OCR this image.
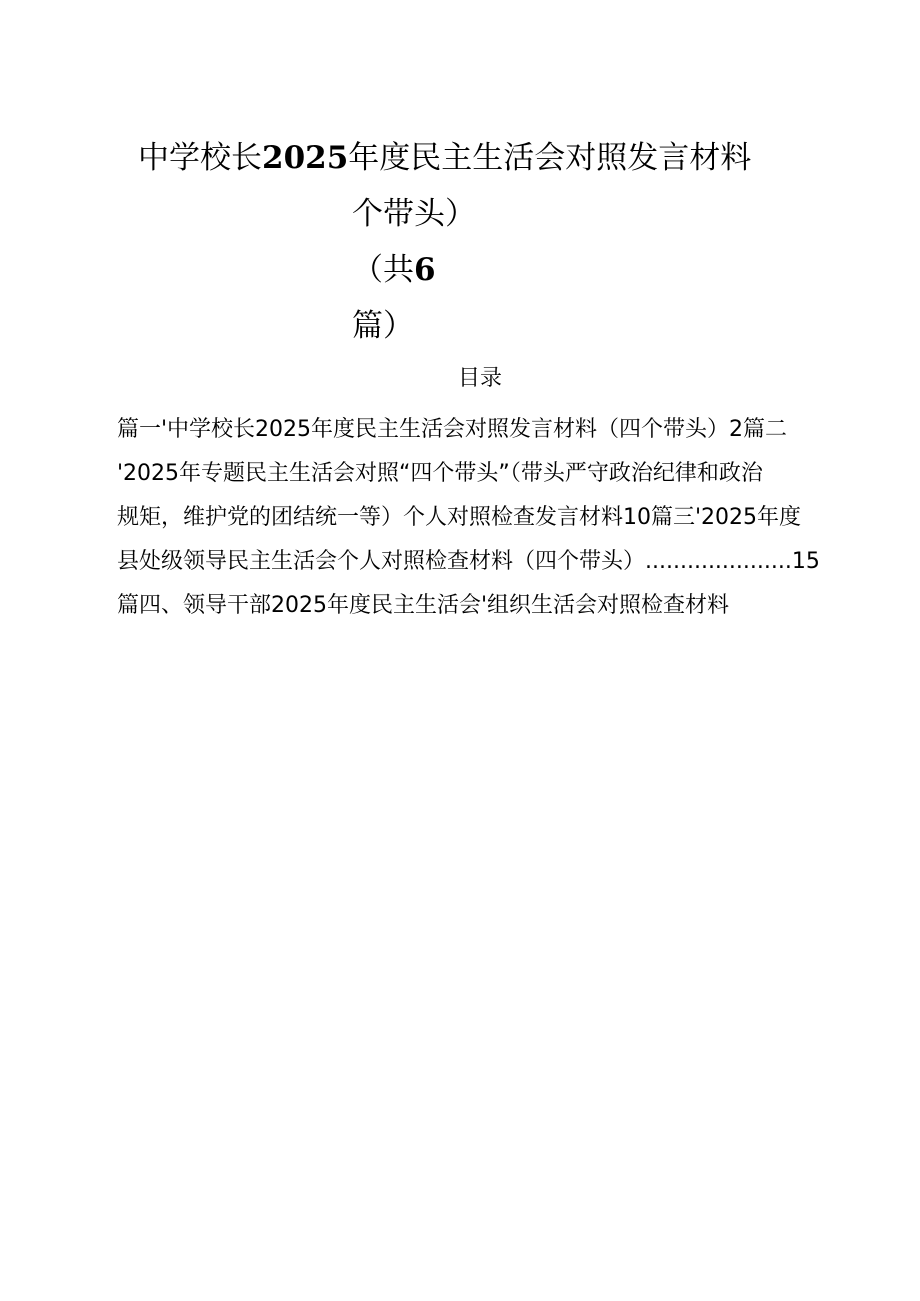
中学校长2025年度民主生活会对照发言材料
个带头）
（共6
篇）
目录
篇一'中学校长2025年度民主生活会对照发言材料（四个带头）2篇二
'2025年专题民主生活会对照“四个带头”（带头严守政治纪律和政治
规矩，维护党的团结统一等）个人对照检查发言材料10篇三'2025年度
县处级领导民主生活会个人对照检查材料（四个带头）.....................15
篇四、领导干部2025年度民主生活会'组织生活会对照检查材料
